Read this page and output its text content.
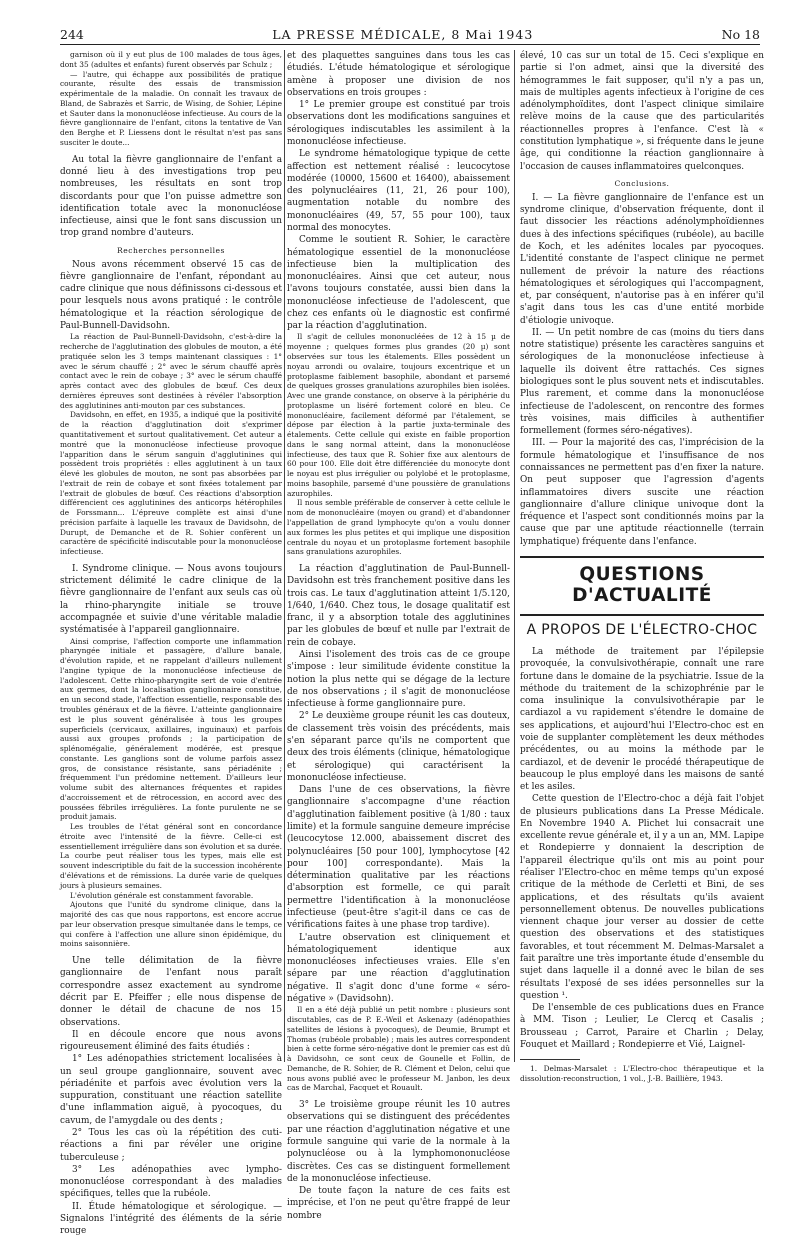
244	LA PRESSE MÉDICALE, 8 Mai 1943	No 18

garnison où il y eut plus de 100 malades de tous âges, dont 35 (adultes et enfants) furent observés par Schulz ;

— l'autre, qui échappe aux possibilités de pratique courante, résulte des essais de transmission expérimentale de la maladie. On connaît les travaux de Bland, de Sabrazès et Sarric, de Wising, de Sohier, Lépine et Sauter dans la mononucléose infectieuse. Au cours de la fièvre ganglionnaire de l'enfant, citons la tentative de Van den Berghe et P. Liessens dont le résultat n'est pas sans susciter le doute...

Au total la fièvre ganglionnaire de l'enfant a donné lieu à des investigations trop peu nombreuses, les résultats en sont trop discordants pour que l'on puisse admettre son identification totale avec la mononucléose infectieuse, ainsi que le font sans discussion un trop grand nombre d'auteurs.

Recherches personnelles

Nous avons récemment observé 15 cas de fièvre ganglionnaire de l'enfant, répondant au cadre clinique que nous définissons ci-dessous et pour lesquels nous avons pratiqué : le contrôle hématologique et la réaction sérologique de Paul-Bunnell-Davidsohn.

La réaction de Paul-Bunnell-Davidsohn, c'est-à-dire la recherche de l'agglutination des globules de mouton, a été pratiquée selon les 3 temps maintenant classiques : 1° avec le sérum chauffé ; 2° avec le sérum chauffé après contact avec le rein de cobaye ; 3° avec le sérum chauffé après contact avec des globules de bœuf. Ces deux dernières épreuves sont destinées à révéler l'absorption des agglutinines anti-mouton par ces substances.

Davidsohn, en effet, en 1935, a indiqué que la positivité de la réaction d'agglutination doit s'exprimer quantitativement et surtout qualitativement. Cet auteur a montré que la mononucléose infectieuse provoque l'apparition dans le sérum sanguin d'agglutinines qui possèdent trois propriétés : elles agglutinent à un taux élevé les globules de mouton, ne sont pas absorbées par l'extrait de rein de cobaye et sont fixées totalement par l'extrait de globules de bœuf. Ces réactions d'absorption différencient ces agglutinines des anticorps hétérophiles de Forssmann... L'épreuve complète est ainsi d'une précision parfaite à laquelle les travaux de Davidsohn, de Durupt, de Demanche et de R. Sohier confèrent un caractère de spécificité indiscutable pour la mononucléose infectieuse.

I. Syndrome clinique. — Nous avons toujours strictement délimité le cadre clinique de la fièvre ganglionnaire de l'enfant aux seuls cas où la rhino-pharyngite initiale se trouve accompagnée et suivie d'une véritable maladie systématisée à l'appareil ganglionnaire.

Ainsi comprise, l'affection comporte une inflammation pharyngée initiale et passagère, d'allure banale, d'évolution rapide, et ne rappelant d'ailleurs nullement l'angine typique de la mononucléose infectieuse de l'adolescent. Cette rhino-pharyngite sert de voie d'entrée aux germes, dont la localisation ganglionnaire constitue, en un second stade, l'affection essentielle, responsable des troubles généraux et de la fièvre. L'atteinte ganglionnaire est le plus souvent généralisée à tous les groupes superficiels (cervicaux, axillaires, inguinaux) et parfois aussi aux groupes profonds ; la participation de splénomégalie, généralement modérée, est presque constante. Les ganglions sont de volume parfois assez gros, de consistance résistante, sans périadénite ; fréquemment l'un prédomine nettement. D'ailleurs leur volume subit des alternances fréquentes et rapides d'accroissement et de rétrocession, en accord avec des poussées fébriles irrégulières. La fonte purulente ne se produit jamais.

Les troubles de l'état général sont en concordance étroite avec l'intensité de la fièvre. Celle-ci est essentiellement irrégulière dans son évolution et sa durée. La courbe peut réaliser tous les types, mais elle est souvent indescriptible du fait de la succession incohérente d'élévations et de rémissions. La durée varie de quelques jours à plusieurs semaines.

L'évolution générale est constamment favorable.

Ajoutons que l'unité du syndrome clinique, dans la majorité des cas que nous rapportons, est encore accrue par leur observation presque simultanée dans le temps, ce qui confère à l'affection une allure sinon épidémique, du moins saisonnière.

Une telle délimitation de la fièvre ganglionnaire de l'enfant nous paraît correspondre assez exactement au syndrome décrit par E. Pfeiffer ; elle nous dispense de donner le détail de chacune de nos 15 observations.

Il en découle encore que nous avons rigoureusement éliminé des faits étudiés :

1° Les adénopathies strictement localisées à un seul groupe ganglionnaire, souvent avec périadénite et parfois avec évolution vers la suppuration, constituant une réaction satellite d'une inflammation aiguë, à pyocoques, du cavum, de l'amygdale ou des dents ;

2° Tous les cas où la répétition des cuti-réactions a fini par révéler une origine tuberculeuse ;

3° Les adénopathies avec lympho-mononucléose correspondant à des maladies spécifiques, telles que la rubéole.

II. Étude hématologique et sérologique. — Signalons l'intégrité des éléments de la série rouge

et des plaquettes sanguines dans tous les cas étudiés. L'étude hématologique et sérologique amène à proposer une division de nos observations en trois groupes :

1° Le premier groupe est constitué par trois observations dont les modifications sanguines et sérologiques indiscutables les assimilent à la mononucléose infectieuse.

Le syndrome hématologique typique de cette affection est nettement réalisé : leucocytose modérée (10000, 15600 et 16400), abaissement des polynucléaires (11, 21, 26 pour 100), augmentation notable du nombre des mononucléaires (49, 57, 55 pour 100), taux normal des monocytes.

Comme le soutient R. Sohier, le caractère hématologique essentiel de la mononucléose infectieuse bien la multiplication des mononucléaires. Ainsi que cet auteur, nous l'avons toujours constatée, aussi bien dans la mononucléose infectieuse de l'adolescent, que chez ces enfants où le diagnostic est confirmé par la réaction d'agglutination.

Il s'agit de cellules mononucléées de 12 à 15 µ de moyenne ; quelques formes plus grandes (20 µ) sont observées sur tous les étalements. Elles possèdent un noyau arrondi ou ovalaire, toujours excentrique et un protoplasme faiblement basophile, abondant et parsemé de quelques grosses granulations azurophiles bien isolées. Avec une grande constance, on observe à la périphérie du protoplasme un liséré fortement coloré en bleu. Ce mononucléaire, facilement déformé par l'étalement, se dépose par élection à la partie juxta-terminale des étalements. Cette cellule qui existe en faible proportion dans le sang normal atteint, dans la mononucléose infectieuse, des taux que R. Sohier fixe aux alentours de 60 pour 100. Elle doit être différenciée du monocyte dont le noyau est plus irrégulier ou polylobé et le protoplasme, moins basophile, parsemé d'une poussière de granulations azurophiles.

Il nous semble préférable de conserver à cette cellule le nom de mononucléaire (moyen ou grand) et d'abandonner l'appellation de grand lymphocyte qu'on a voulu donner aux formes les plus petites et qui implique une disposition centrale du noyau et un protoplasme fortement basophile sans granulations azurophiles.

La réaction d'agglutination de Paul-Bunnell-Davidsohn est très franchement positive dans les trois cas. Le taux d'agglutination atteint 1/5.120, 1/640, 1/640. Chez tous, le dosage qualitatif est franc, il y a absorption totale des agglutinines par les globules de bœuf et nulle par l'extrait de rein de cobaye.

Ainsi l'isolement des trois cas de ce groupe s'impose : leur similitude évidente constitue la notion la plus nette qui se dégage de la lecture de nos observations ; il s'agit de mononucléose infectieuse à forme ganglionnaire pure.

2° Le deuxième groupe réunit les cas douteux, de classement très voisin des précédents, mais s'en séparant parce qu'ils ne comportent que deux des trois éléments (clinique, hématologique et sérologique) qui caractérisent la mononucléose infectieuse.

Dans l'une de ces observations, la fièvre ganglionnaire s'accompagne d'une réaction d'agglutination faiblement positive (à 1/80 : taux limite) et la formule sanguine demeure imprécise (leucocytose 12.000, abaissement discret des polynucléaires [50 pour 100], lymphocytose [42 pour 100] correspondante). Mais la détermination qualitative par les réactions d'absorption est formelle, ce qui paraît permettre l'identification à la mononucléose infectieuse (peut-être s'agit-il dans ce cas de vérifications faites à une phase trop tardive).

L'autre observation est cliniquement et hématologiquement identique aux mononucléoses infectieuses vraies. Elle s'en sépare par une réaction d'agglutination négative. Il s'agit donc d'une forme « séro-négative » (Davidsohn).

Il en a été déjà publié un petit nombre : plusieurs sont discutables, cas de P. E.-Weil et Askenazy (adénopathies satellites de lésions à pyocoques), de Deumie, Brumpt et Thomas (rubéole probable) ; mais les autres correspondent bien à cette forme séro-négative dont le premier cas est dû à Davidsohn, ce sont ceux de Gounelle et Follin, de Demanche, de R. Sohier, de R. Clément et Delon, celui que nous avons publié avec le professeur M. Janbon, les deux cas de Marchal, Facquet et Rouault.

3° Le troisième groupe réunit les 10 autres observations qui se distinguent des précédentes par une réaction d'agglutination négative et une formule sanguine qui varie de la normale à la polynucléose ou à la lymphomononucléose discrètes. Ces cas se distinguent formellement de la mononucléose infectieuse.

De toute façon la nature de ces faits est imprécise, et l'on ne peut qu'être frappé de leur nombre

élevé, 10 cas sur un total de 15. Ceci s'explique en partie si l'on admet, ainsi que la diversité des hémogrammes le fait supposer, qu'il n'y a pas un, mais de multiples agents infectieux à l'origine de ces adénolymphoïdites, dont l'aspect clinique similaire relève moins de la cause que des particularités réactionnelles propres à l'enfance. C'est là « constitution lymphatique », si fréquente dans le jeune âge, qui conditionne la réaction ganglionnaire à l'occasion de causes inflammatoires quelconques.

Conclusions.

I. — La fièvre ganglionnaire de l'enfance est un syndrome clinique, d'observation fréquente, dont il faut dissocier les réactions adénolymphoïdiennes dues à des infections spécifiques (rubéole), au bacille de Koch, et les adénites locales par pyocoques. L'identité constante de l'aspect clinique ne permet nullement de prévoir la nature des réactions hématologiques et sérologiques qui l'accompagnent, et, par conséquent, n'autorise pas à en inférer qu'il s'agit dans tous les cas d'une entité morbide d'étiologie univoque.

II. — Un petit nombre de cas (moins du tiers dans notre statistique) présente les caractères sanguins et sérologiques de la mononucléose infectieuse à laquelle ils doivent être rattachés. Ces signes biologiques sont le plus souvent nets et indiscutables. Plus rarement, et comme dans la mononucléose infectieuse de l'adolescent, on rencontre des formes très voisines, mais difficiles à authentifier formellement (formes séro-négatives).

III. — Pour la majorité des cas, l'imprécision de la formule hématologique et l'insuffisance de nos connaissances ne permettent pas d'en fixer la nature. On peut supposer que l'agression d'agents inflammatoires divers suscite une réaction ganglionnaire d'allure clinique univoque dont la fréquence et l'aspect sont conditionnés moins par la cause que par une aptitude réactionnelle (terrain lymphatique) fréquente dans l'enfance.

QUESTIONS D'ACTUALITÉ
A PROPOS DE L'ÉLECTRO-CHOC

La méthode de traitement par l'épilepsie provoquée, la convulsivothérapie, connaît une rare fortune dans le domaine de la psychiatrie. Issue de la méthode du traitement de la schizophrénie par le coma insulinique la convulsivothérapie par le cardiazol a vu rapidement s'étendre le domaine de ses applications, et aujourd'hui l'Electro-choc est en voie de supplanter complètement les deux méthodes précédentes, ou au moins la méthode par le cardiazol, et de devenir le procédé thérapeutique de beaucoup le plus employé dans les maisons de santé et les asiles.

Cette question de l'Electro-choc a déjà fait l'objet de plusieurs publications dans La Presse Médicale. En Novembre 1940 A. Plichet lui consacrait une excellente revue générale et, il y a un an, MM. Lapipe et Rondepierre y donnaient la description de l'appareil électrique qu'ils ont mis au point pour réaliser l'Electro-choc en même temps qu'un exposé critique de la méthode de Cerletti et Bini, de ses applications, et des résultats qu'ils avaient personnellement obtenus. De nouvelles publications viennent chaque jour verser au dossier de cette question des observations et des statistiques favorables, et tout récemment M. Delmas-Marsalet a fait paraître une très importante étude d'ensemble du sujet dans laquelle il a donné avec le bilan de ses résultats l'exposé de ses idées personnelles sur la question ¹.

De l'ensemble de ces publications dues en France à MM. Tison ; Leulier, Le Clercq et Casalis ; Brousseau ; Carrot, Paraire et Charlin ; Delay, Fouquet et Maillard ; Rondepierre et Vié, Laignel-

1. Delmas-Marsalet : L'Electro-choc thérapeutique et la dissolution-reconstruction, 1 vol., J.-B. Baillière, 1943.
